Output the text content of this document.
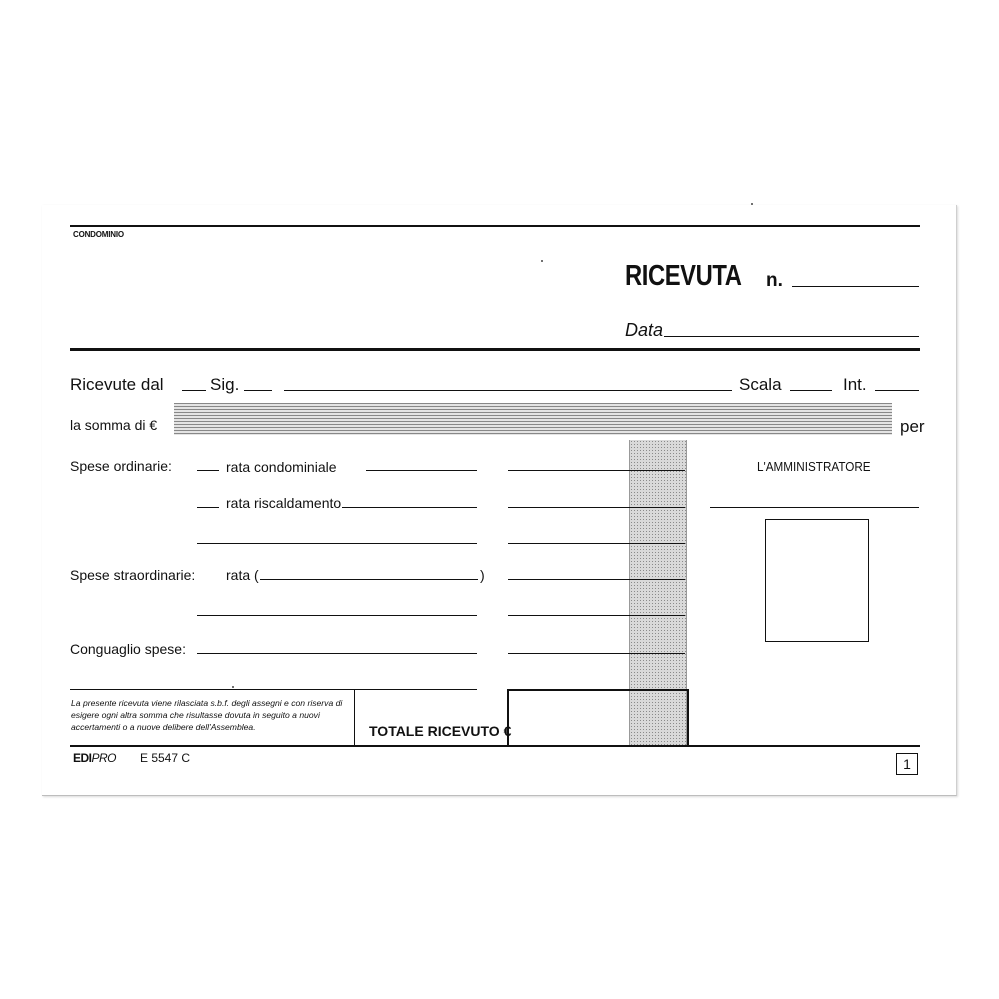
CONDOMINIO
RICEVUTA n.
Data
Ricevute dal	Sig.	Scala	Int.
la somma di €	per
Spese ordinarie:	rata condominiale
rata riscaldamento
Spese straordinarie: rata (	)
Conguaglio spese:
L'AMMINISTRATORE
La presente ricevuta viene rilasciata s.b.f. degli assegni e con riserva di esigere ogni altra somma che risultasse dovuta in seguito a nuovi accertamenti o a nuove delibere dell'Assemblea.	TOTALE RICEVUTO €
EDIPRO E 5547 C	1
